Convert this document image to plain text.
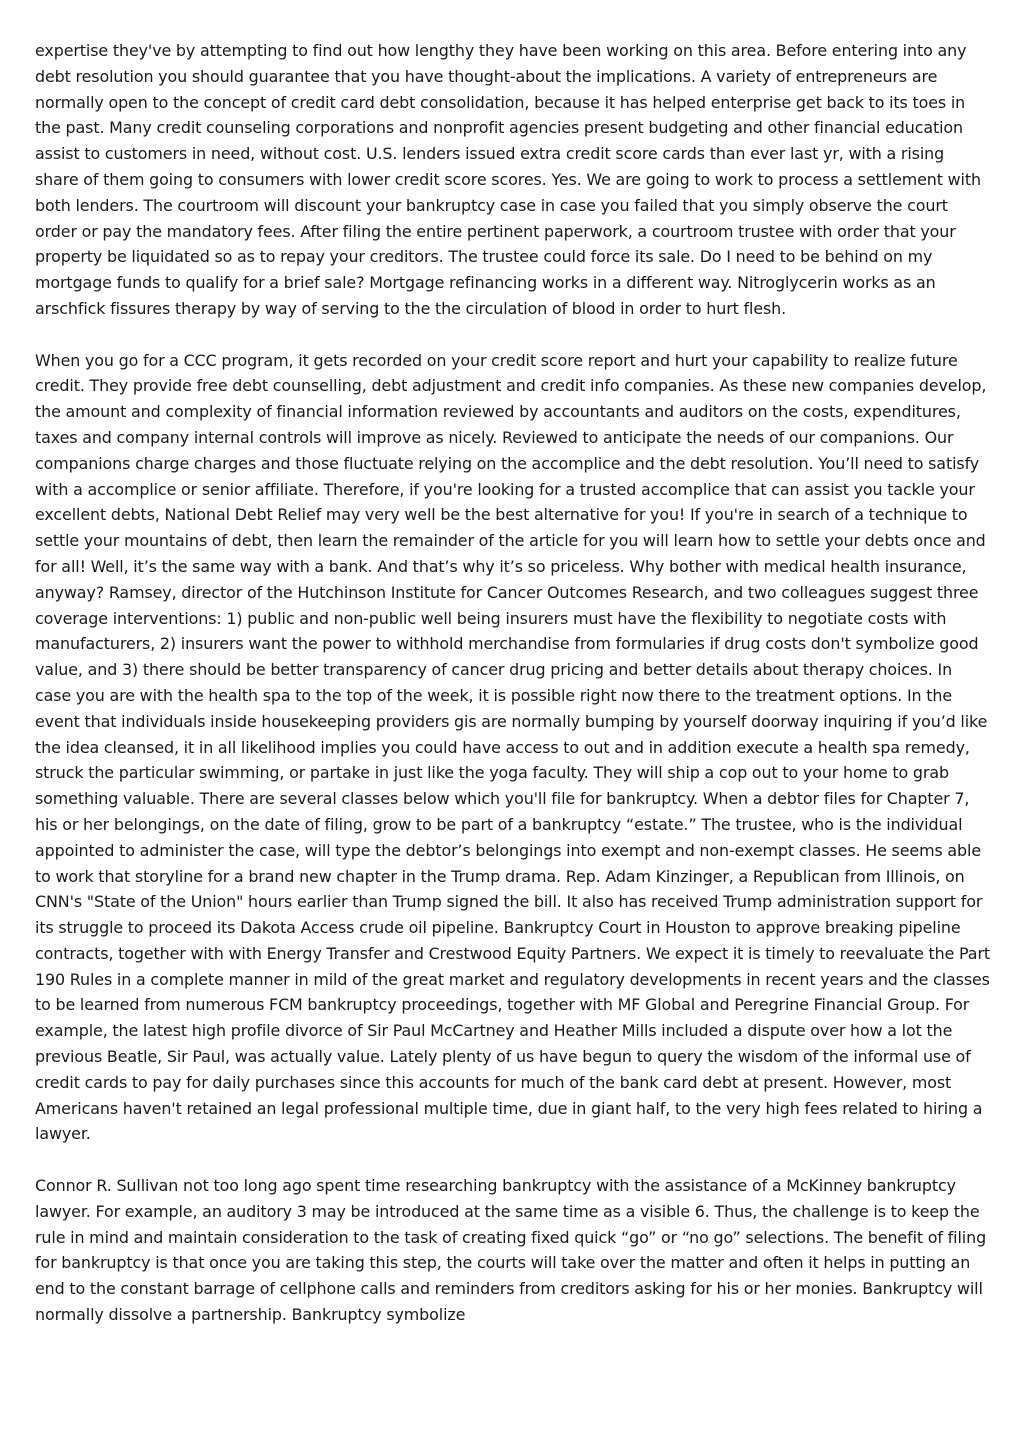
expertise they've by attempting to find out how lengthy they have been working on this area. Before entering into any debt resolution you should guarantee that you have thought-about the implications. A variety of entrepreneurs are normally open to the concept of credit card debt consolidation, because it has helped enterprise get back to its toes in the past. Many credit counseling corporations and nonprofit agencies present budgeting and other financial education assist to customers in need, without cost. U.S. lenders issued extra credit score cards than ever last yr, with a rising share of them going to consumers with lower credit score scores. Yes. We are going to work to process a settlement with both lenders. The courtroom will discount your bankruptcy case in case you failed that you simply observe the court order or pay the mandatory fees. After filing the entire pertinent paperwork, a courtroom trustee with order that your property be liquidated so as to repay your creditors. The trustee could force its sale. Do I need to be behind on my mortgage funds to qualify for a brief sale? Mortgage refinancing works in a different way. Nitroglycerin works as an arschfick fissures therapy by way of serving to the the circulation of blood in order to hurt flesh.

When you go for a CCC program, it gets recorded on your credit score report and hurt your capability to realize future credit. They provide free debt counselling, debt adjustment and credit info companies. As these new companies develop, the amount and complexity of financial information reviewed by accountants and auditors on the costs, expenditures, taxes and company internal controls will improve as nicely. Reviewed to anticipate the needs of our companions. Our companions charge charges and those fluctuate relying on the accomplice and the debt resolution. You’ll need to satisfy with a accomplice or senior affiliate. Therefore, if you're looking for a trusted accomplice that can assist you tackle your excellent debts, National Debt Relief may very well be the best alternative for you! If you're in search of a technique to settle your mountains of debt, then learn the remainder of the article for you will learn how to settle your debts once and for all! Well, it’s the same way with a bank. And that’s why it’s so priceless. Why bother with medical health insurance, anyway? Ramsey, director of the Hutchinson Institute for Cancer Outcomes Research, and two colleagues suggest three coverage interventions: 1) public and non-public well being insurers must have the flexibility to negotiate costs with manufacturers, 2) insurers want the power to withhold merchandise from formularies if drug costs don't symbolize good value, and 3) there should be better transparency of cancer drug pricing and better details about therapy choices. In case you are with the health spa to the top of the week, it is possible right now there to the treatment options. In the event that individuals inside housekeeping providers gis are normally bumping by yourself doorway inquiring if you’d like the idea cleansed, it in all likelihood implies you could have access to out and in addition execute a health spa remedy, struck the particular swimming, or partake in just like the yoga faculty. They will ship a cop out to your home to grab something valuable. There are several classes below which you'll file for bankruptcy. When a debtor files for Chapter 7, his or her belongings, on the date of filing, grow to be part of a bankruptcy “estate.” The trustee, who is the individual appointed to administer the case, will type the debtor’s belongings into exempt and non-exempt classes. He seems able to work that storyline for a brand new chapter in the Trump drama. Rep. Adam Kinzinger, a Republican from Illinois, on CNN's "State of the Union" hours earlier than Trump signed the bill. It also has received Trump administration support for its struggle to proceed its Dakota Access crude oil pipeline. Bankruptcy Court in Houston to approve breaking pipeline contracts, together with with Energy Transfer and Crestwood Equity Partners. We expect it is timely to reevaluate the Part 190 Rules in a complete manner in mild of the great market and regulatory developments in recent years and the classes to be learned from numerous FCM bankruptcy proceedings, together with MF Global and Peregrine Financial Group. For example, the latest high profile divorce of Sir Paul McCartney and Heather Mills included a dispute over how a lot the previous Beatle, Sir Paul, was actually value. Lately plenty of us have begun to query the wisdom of the informal use of credit cards to pay for daily purchases since this accounts for much of the bank card debt at present. However, most Americans haven't retained an legal professional multiple time, due in giant half, to the very high fees related to hiring a lawyer.

Connor R. Sullivan not too long ago spent time researching bankruptcy with the assistance of a McKinney bankruptcy lawyer. For example, an auditory 3 may be introduced at the same time as a visible 6. Thus, the challenge is to keep the rule in mind and maintain consideration to the task of creating fixed quick “go” or “no go” selections. The benefit of filing for bankruptcy is that once you are taking this step, the courts will take over the matter and often it helps in putting an end to the constant barrage of cellphone calls and reminders from creditors asking for his or her monies. Bankruptcy will normally dissolve a partnership. Bankruptcy symbolize
